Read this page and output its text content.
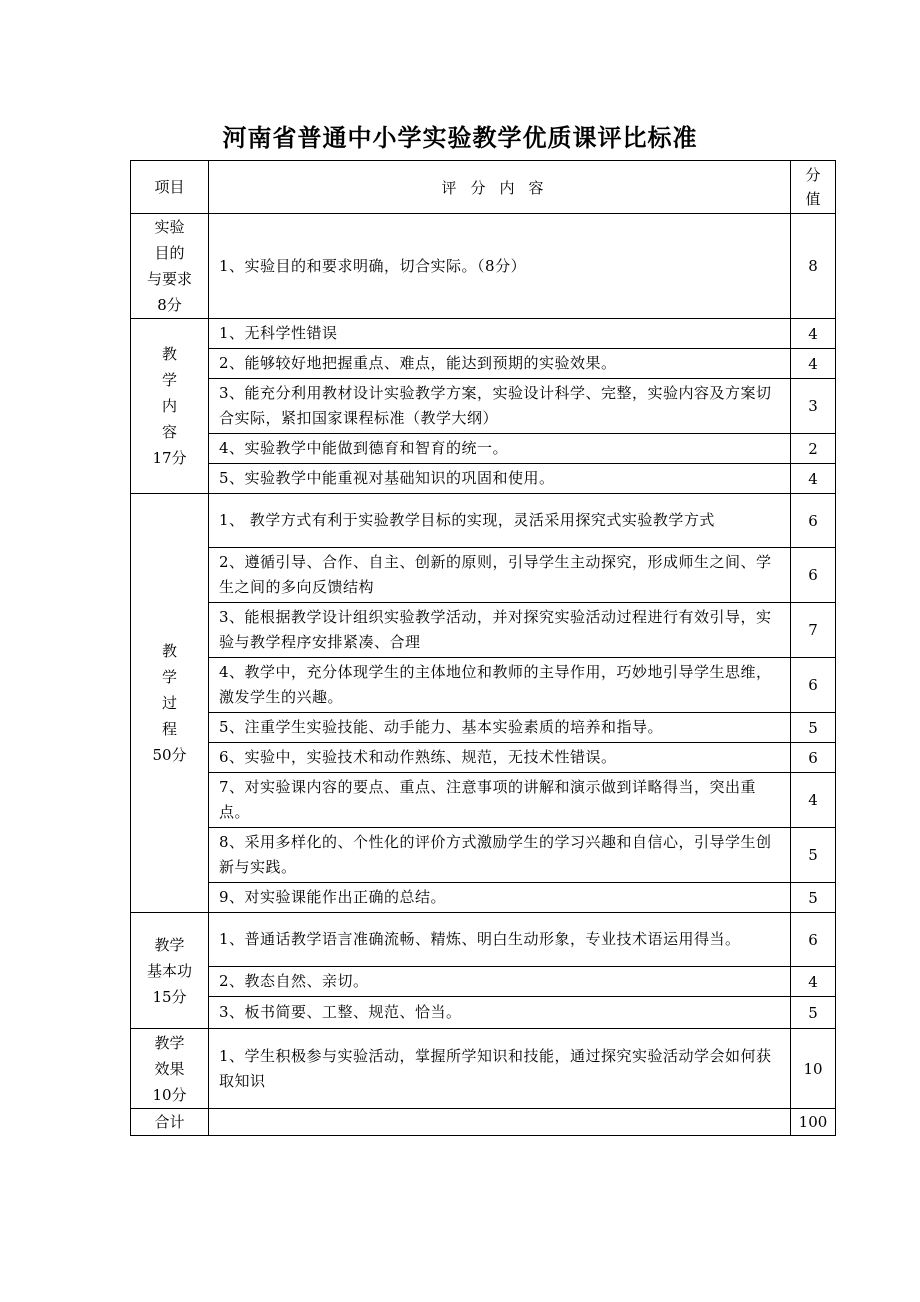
河南省普通中小学实验教学优质课评比标准
项目	评分内容	分
值

实验
目的
与要求
8分	1、实验目的和要求明确，切合实际。（8分）	8

教
学
内
容
17分	1、无科学性错误	4
	2、能够较好地把握重点、难点，能达到预期的实验效果。	4
	3、能充分利用教材设计实验教学方案，实验设计科学、完整，实验内容及方案切合实际，紧扣国家课程标准（教学大纲）	3
	4、实验教学中能做到德育和智育的统一。	2
	5、实验教学中能重视对基础知识的巩固和使用。	4

教
学
过
程
50分	1、 教学方式有利于实验教学目标的实现，灵活采用探究式实验教学方式	6
	2、遵循引导、合作、自主、创新的原则，引导学生主动探究，形成师生之间、学生之间的多向反馈结构	6
	3、能根据教学设计组织实验教学活动，并对探究实验活动过程进行有效引导，实验与教学程序安排紧凑、合理	7
	4、教学中，充分体现学生的主体地位和教师的主导作用，巧妙地引导学生思维，激发学生的兴趣。	6
	5、注重学生实验技能、动手能力、基本实验素质的培养和指导。	5
	6、实验中，实验技术和动作熟练、规范，无技术性错误。	6
	7、对实验课内容的要点、重点、注意事项的讲解和演示做到详略得当，突出重点。	4
	8、采用多样化的、个性化的评价方式激励学生的学习兴趣和自信心，引导学生创新与实践。	5
	9、对实验课能作出正确的总结。	5

教学
基本功
15分	1、普通话教学语言准确流畅、精炼、明白生动形象，专业技术语运用得当。	6
	2、教态自然、亲切。	4
	3、板书简要、工整、规范、恰当。	5

教学
效果
10分	1、学生积极参与实验活动，掌握所学知识和技能，通过探究实验活动学会如何获取知识	10
合计		100
